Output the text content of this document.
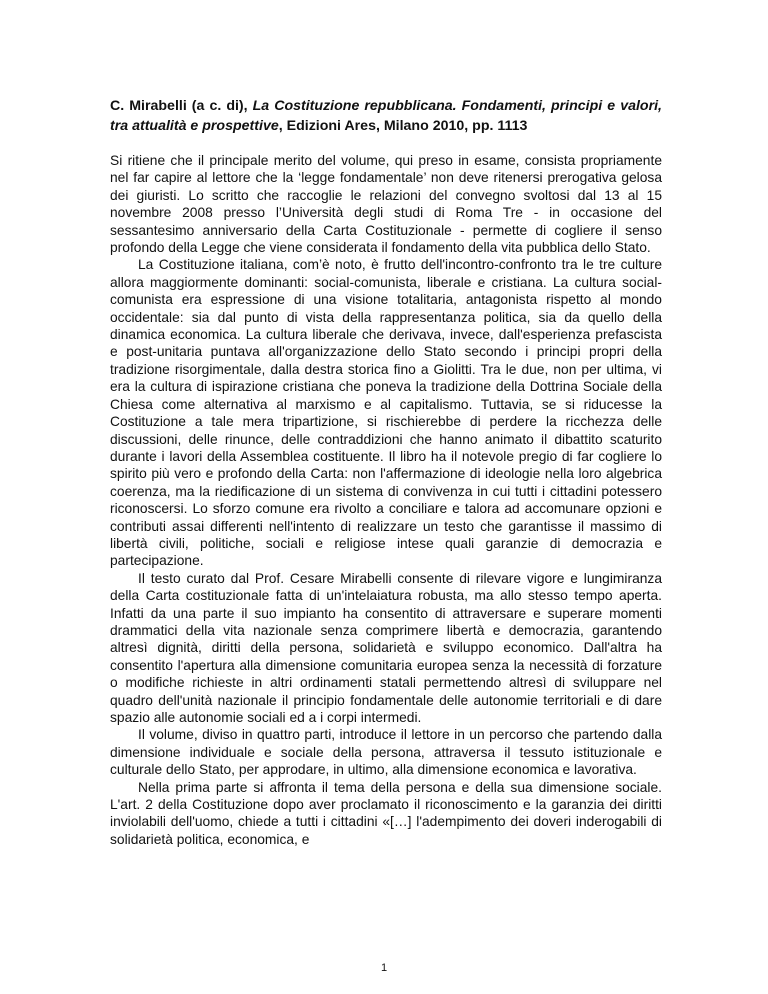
C. Mirabelli (a c. di), La Costituzione repubblicana. Fondamenti, principi e valori, tra attualità e prospettive, Edizioni Ares, Milano 2010, pp. 1113

Si ritiene che il principale merito del volume, qui preso in esame, consista propriamente nel far capire al lettore che la ‘legge fondamentale’ non deve ritenersi prerogativa gelosa dei giuristi. Lo scritto che raccoglie le relazioni del convegno svoltosi dal 13 al 15 novembre 2008 presso l’Università degli studi di Roma Tre - in occasione del sessantesimo anniversario della Carta Costituzionale - permette di cogliere il senso profondo della Legge che viene considerata il fondamento della vita pubblica dello Stato.

La Costituzione italiana, com’è noto, è frutto dell'incontro-confronto tra le tre culture allora maggiormente dominanti: social-comunista, liberale e cristiana. La cultura social-comunista era espressione di una visione totalitaria, antagonista rispetto al mondo occidentale: sia dal punto di vista della rappresentanza politica, sia da quello della dinamica economica. La cultura liberale che derivava, invece, dall'esperienza prefascista e post-unitaria puntava all'organizzazione dello Stato secondo i principi propri della tradizione risorgimentale, dalla destra storica fino a Giolitti. Tra le due, non per ultima, vi era la cultura di ispirazione cristiana che poneva la tradizione della Dottrina Sociale della Chiesa come alternativa al marxismo e al capitalismo. Tuttavia, se si riducesse la Costituzione a tale mera tripartizione, si rischierebbe di perdere la ricchezza delle discussioni, delle rinunce, delle contraddizioni che hanno animato il dibattito scaturito durante i lavori della Assemblea costituente. Il libro ha il notevole pregio di far cogliere lo spirito più vero e profondo della Carta: non l'affermazione di ideologie nella loro algebrica coerenza, ma la riedificazione di un sistema di convivenza in cui tutti i cittadini potessero riconoscersi. Lo sforzo comune era rivolto a conciliare e talora ad accomunare opzioni e contributi assai differenti nell'intento di realizzare un testo che garantisse il massimo di libertà civili, politiche, sociali e religiose intese quali garanzie di democrazia e partecipazione.

Il testo curato dal Prof. Cesare Mirabelli consente di rilevare vigore e lungimiranza della Carta costituzionale fatta di un'intelaiatura robusta, ma allo stesso tempo aperta. Infatti da una parte il suo impianto ha consentito di attraversare e superare momenti drammatici della vita nazionale senza comprimere libertà e democrazia, garantendo altresì dignità, diritti della persona, solidarietà e sviluppo economico. Dall'altra ha consentito l'apertura alla dimensione comunitaria europea senza la necessità di forzature o modifiche richieste in altri ordinamenti statali permettendo altresì di sviluppare nel quadro dell'unità nazionale il principio fondamentale delle autonomie territoriali e di dare spazio alle autonomie sociali ed a i corpi intermedi.

Il volume, diviso in quattro parti, introduce il lettore in un percorso che partendo dalla dimensione individuale e sociale della persona, attraversa il tessuto istituzionale e culturale dello Stato, per approdare, in ultimo, alla dimensione economica e lavorativa.

Nella prima parte si affronta il tema della persona e della sua dimensione sociale. L'art. 2 della Costituzione dopo aver proclamato il riconoscimento e la garanzia dei diritti inviolabili dell'uomo, chiede a tutti i cittadini «[…] l'adempimento dei doveri inderogabili di solidarietà politica, economica, e

1
